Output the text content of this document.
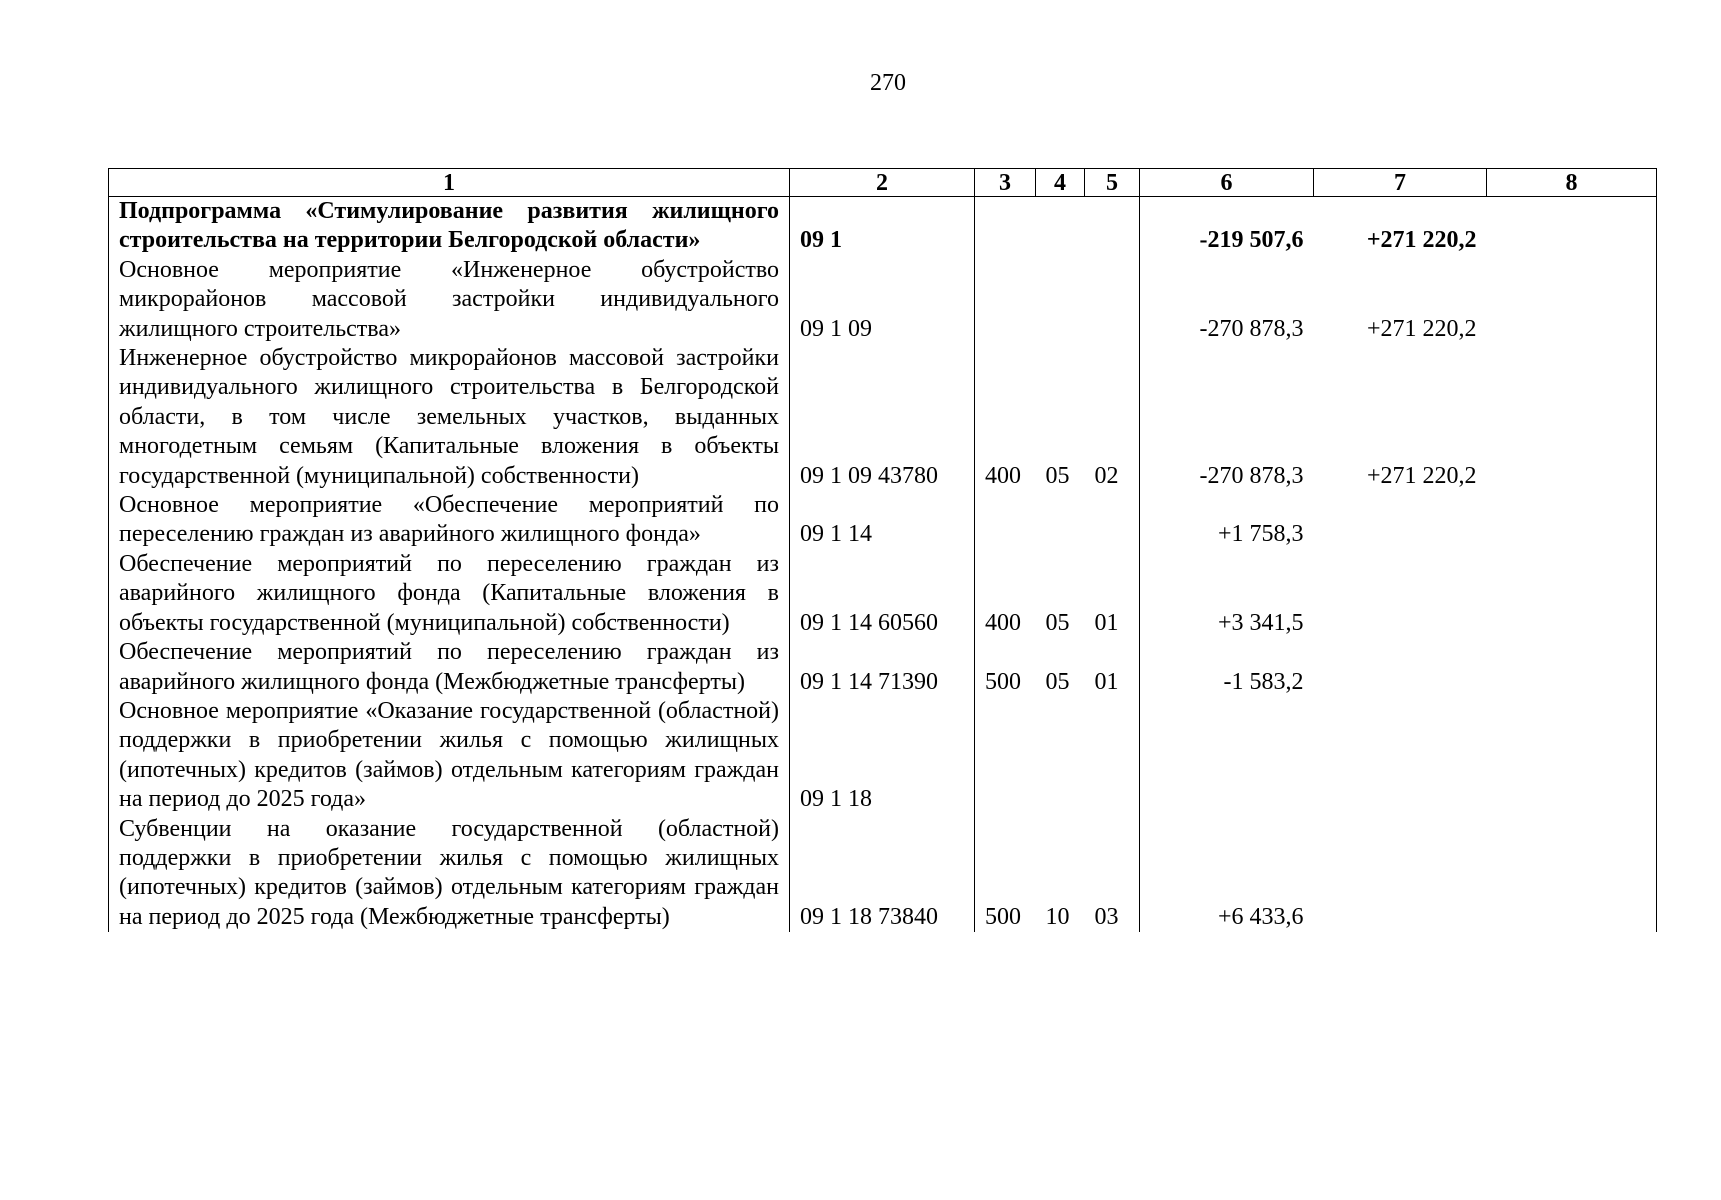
270
1	2	3	4	5	6	7	8
Подпрограмма «Стимулирование развития жилищного строительства на территории Белгородской области»	09 1				-219 507,6	+271 220,2	
Основное мероприятие «Инженерное обустройство микрорайонов массовой застройки индивидуального жилищного строительства»	09 1 09				-270 878,3	+271 220,2	
Инженерное обустройство микрорайонов массовой застройки индивидуального жилищного строительства в Белгородской области, в том числе земельных участков, выданных многодетным семьям (Капитальные вложения в объекты государственной (муниципальной) собственности)	09 1 09 43780	400	05	02	-270 878,3	+271 220,2	
Основное мероприятие «Обеспечение мероприятий по переселению граждан из аварийного жилищного фонда»	09 1 14				+1 758,3		
Обеспечение мероприятий по переселению граждан из аварийного жилищного фонда (Капитальные вложения в объекты государственной (муниципальной) собственности)	09 1 14 60560	400	05	01	+3 341,5		
Обеспечение мероприятий по переселению граждан из аварийного жилищного фонда (Межбюджетные трансферты)	09 1 14 71390	500	05	01	-1 583,2		
Основное мероприятие «Оказание государственной (областной) поддержки в приобретении жилья с помощью жилищных (ипотечных) кредитов (займов) отдельным категориям граждан на период до 2025 года»	09 1 18						
Субвенции на оказание государственной (областной) поддержки в приобретении жилья с помощью жилищных (ипотечных) кредитов (займов) отдельным категориям граждан на период до 2025 года (Межбюджетные трансферты)	09 1 18 73840	500	10	03	+6 433,6		
